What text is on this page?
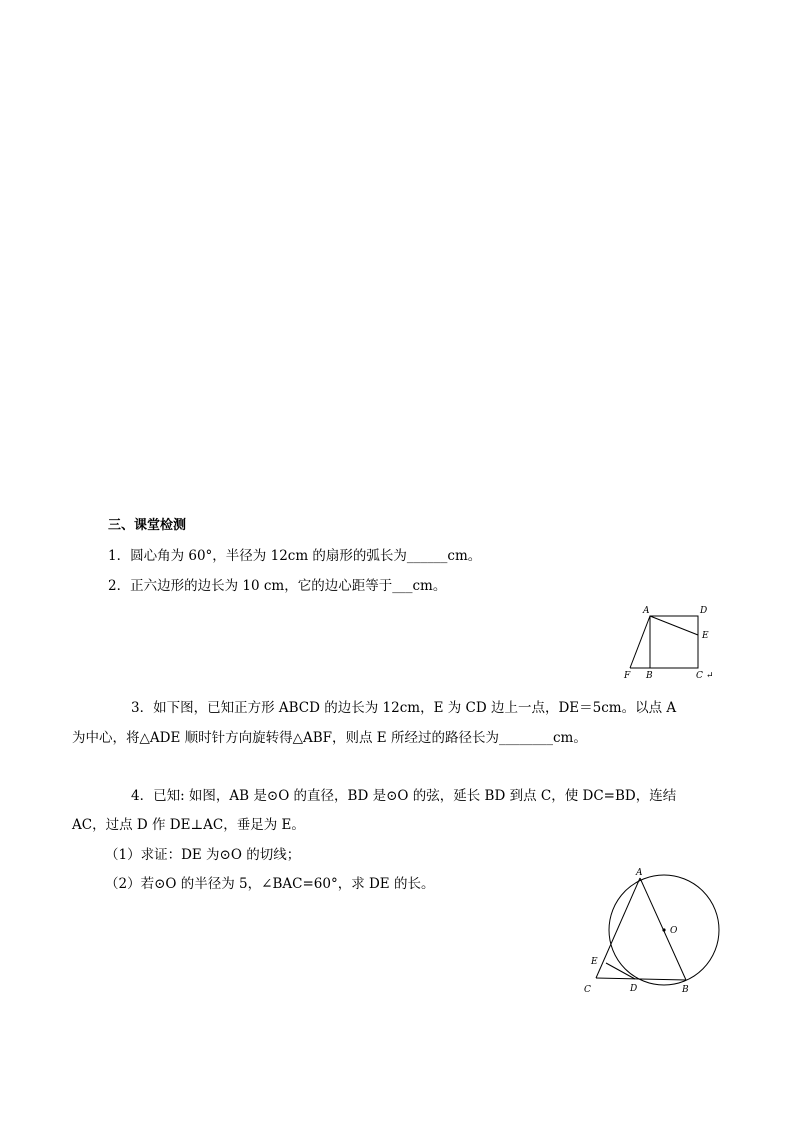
三、课堂检测
1．圆心角为 60°，半径为 12cm 的扇形的弧长为______cm。
2．正六边形的边长为 10 cm，它的边心距等于___cm。
A	D
E
F B	C ↵
3．如下图，已知正方形 ABCD 的边长为 12cm，E 为 CD 边上一点，DE＝5cm。以点 A
为中心，将△ADE 顺时针方向旋转得△ABF，则点 E 所经过的路径长为________cm。
4．已知: 如图，AB 是⊙O 的直径，BD 是⊙O 的弦，延长 BD 到点 C，使 DC=BD，连结
AC，过点 D 作 DE⊥AC，垂足为 E。
（1）求证：DE 为⊙O 的切线；
（2）若⊙O 的半径为 5，∠BAC=60°，求 DE 的长。
A
O
E
C	D	B
